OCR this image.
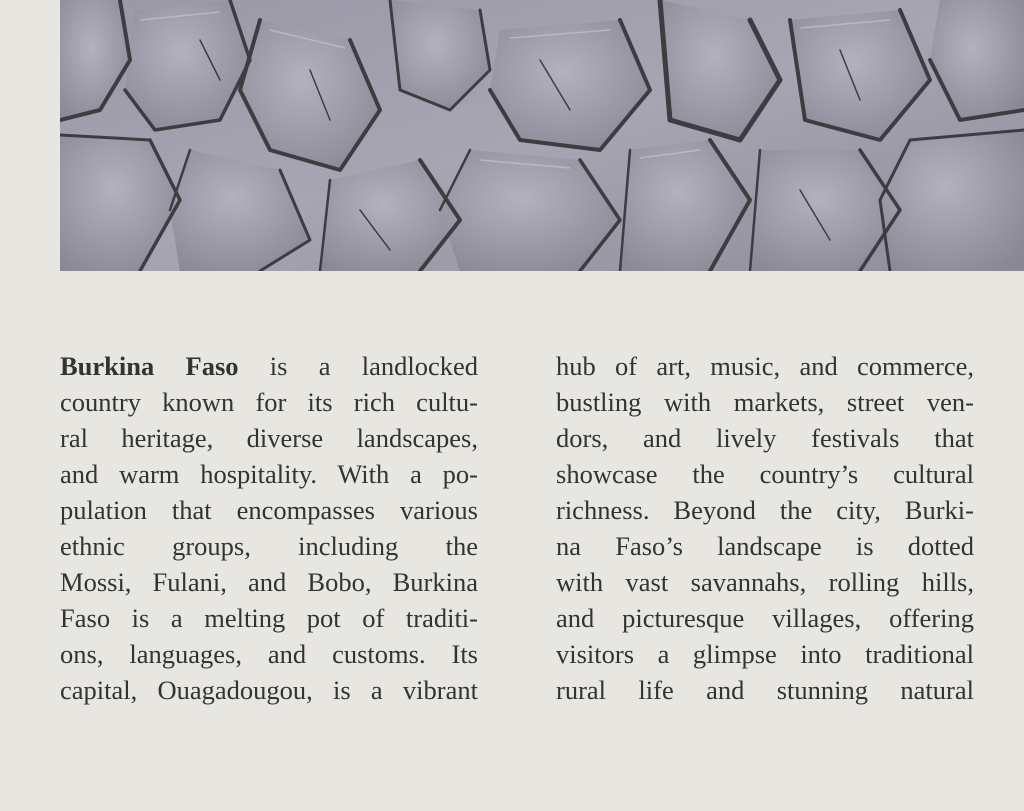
Burkina Faso is a landlocked
country known for its rich cultu-
ral heritage, diverse landscapes,
and warm hospitality. With a po-
pulation that encompasses various
ethnic groups, including the
Mossi, Fulani, and Bobo, Burkina
Faso is a melting pot of traditi-
ons, languages, and customs. Its
capital, Ouagadougou, is a vibrant
hub of art, music, and commerce,
bustling with markets, street ven-
dors, and lively festivals that
showcase the country’s cultural
richness. Beyond the city, Burki-
na Faso’s landscape is dotted
with vast savannahs, rolling hills,
and picturesque villages, offering
visitors a glimpse into traditional
rural life and stunning natural
